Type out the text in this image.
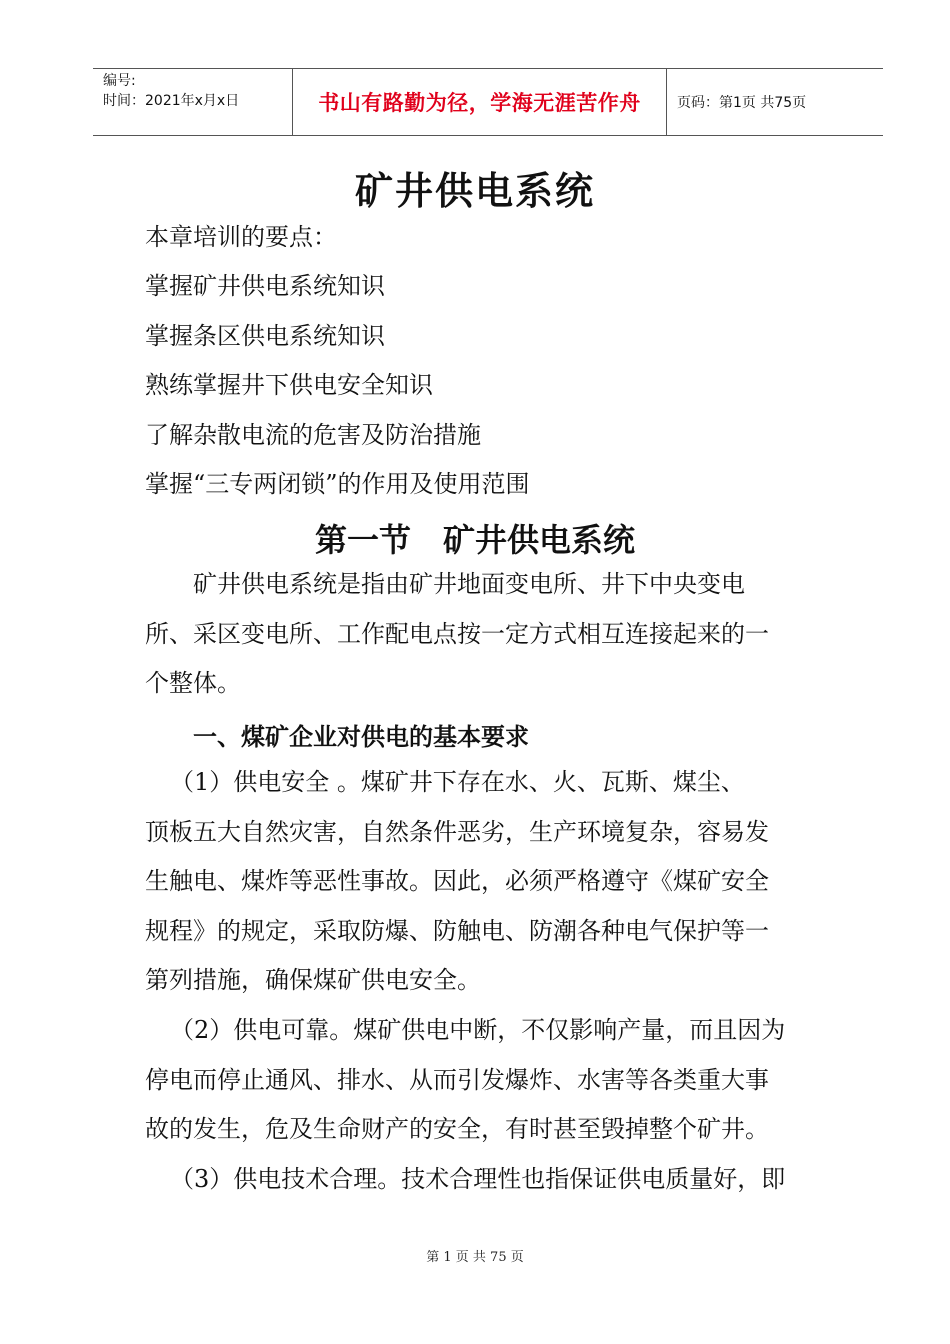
编号:
时间：2021年x月x日	书山有路勤为径，学海无涯苦作舟	页码：第1页 共75页
矿井供电系统
本章培训的要点：
掌握矿井供电系统知识
掌握条区供电系统知识
熟练掌握井下供电安全知识
了解杂散电流的危害及防治措施
掌握“三专两闭锁”的作用及使用范围
第一节　矿井供电系统
矿井供电系统是指由矿井地面变电所、井下中央变电
所、采区变电所、工作配电点按一定方式相互连接起来的一
个整体。
一、煤矿企业对供电的基本要求
（1）供电安全 。煤矿井下存在水、火、瓦斯、煤尘、
顶板五大自然灾害，自然条件恶劣，生产环境复杂，容易发
生触电、煤炸等恶性事故。因此，必须严格遵守《煤矿安全
规程》的规定，采取防爆、防触电、防潮各种电气保护等一
第列措施，确保煤矿供电安全。
（2）供电可靠。煤矿供电中断，不仅影响产量，而且因为
停电而停止通风、排水、从而引发爆炸、水害等各类重大事
故的发生，危及生命财产的安全，有时甚至毁掉整个矿井。
（3）供电技术合理。技术合理性也指保证供电质量好，即
第 1 页 共 75 页
